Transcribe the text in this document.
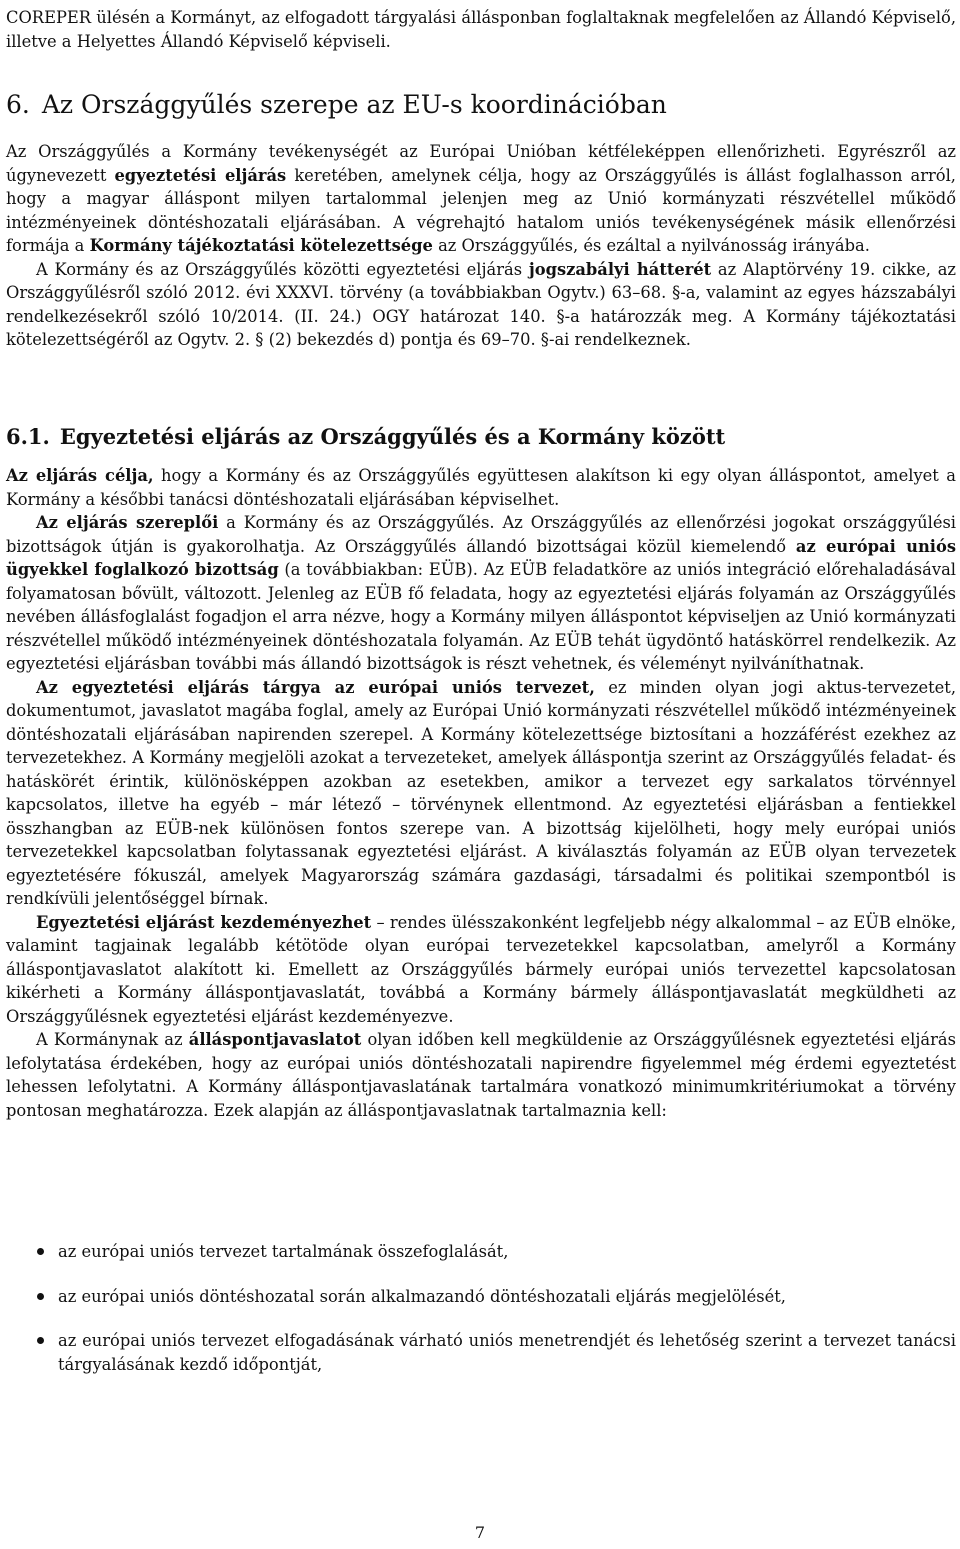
COREPER ülésén a Kormányt, az elfogadott tárgyalási állásponban foglaltaknak megfelelően az Állandó Képviselő, illetve a Helyettes Állandó Képviselő képviseli.

6. Az Országgyűlés szerepe az EU-s koordinációban

Az Országgyűlés a Kormány tevékenységét az Európai Unióban kétféleképpen ellenőrizheti. Egyrészről az úgynevezett egyeztetési eljárás keretében, amelynek célja, hogy az Országgyűlés is állást foglalhasson arról, hogy a magyar álláspont milyen tartalommal jelenjen meg az Unió kormányzati részvétellel működő intézményeinek döntéshozatali eljárásában. A végrehajtó hatalom uniós tevékenységének másik ellenőrzési formája a Kormány tájékoztatási kötelezettsége az Országgyűlés, és ezáltal a nyilvánosság irányába.

A Kormány és az Országgyűlés közötti egyeztetési eljárás jogszabályi hátterét az Alaptörvény 19. cikke, az Országgyűlésről szóló 2012. évi XXXVI. törvény (a továbbiakban Ogytv.) 63–68. §-a, valamint az egyes házszabályi rendelkezésekről szóló 10/2014. (II. 24.) OGY határozat 140. §-a határozzák meg. A Kormány tájékoztatási kötelezettségéről az Ogytv. 2. § (2) bekezdés d) pontja és 69–70. §-ai rendelkeznek.

6.1. Egyeztetési eljárás az Országgyűlés és a Kormány között

Az eljárás célja, hogy a Kormány és az Országgyűlés együttesen alakítson ki egy olyan álláspontot, amelyet a Kormány a későbbi tanácsi döntéshozatali eljárásában képviselhet.

Az eljárás szereplői a Kormány és az Országgyűlés. Az Országgyűlés az ellenőrzési jogokat országgyűlési bizottságok útján is gyakorolhatja. Az Országgyűlés állandó bizottságai közül kiemelendő az európai uniós ügyekkel foglalkozó bizottság (a továbbiakban: EÜB). Az EÜB feladatköre az uniós integráció előrehaladásával folyamatosan bővült, változott. Jelenleg az EÜB fő feladata, hogy az egyeztetési eljárás folyamán az Országgyűlés nevében állásfoglalást fogadjon el arra nézve, hogy a Kormány milyen álláspontot képviseljen az Unió kormányzati részvétellel működő intézményeinek döntéshozatala folyamán. Az EÜB tehát ügydöntő hatáskörrel rendelkezik. Az egyeztetési eljárásban további más állandó bizottságok is részt vehetnek, és véleményt nyilváníthatnak.

Az egyeztetési eljárás tárgya az európai uniós tervezet, ez minden olyan jogi aktus-tervezetet, dokumentumot, javaslatot magába foglal, amely az Európai Unió kormányzati részvétellel működő intézményeinek döntéshozatali eljárásában napirenden szerepel. A Kormány kötelezettsége biztosítani a hozzáférést ezekhez az tervezetekhez. A Kormány megjelöli azokat a tervezeteket, amelyek álláspontja szerint az Országgyűlés feladat- és hatáskörét érintik, különösképpen azokban az esetekben, amikor a tervezet egy sarkalatos törvénnyel kapcsolatos, illetve ha egyéb – már létező – törvénynek ellentmond. Az egyeztetési eljárásban a fentiekkel összhangban az EÜB-nek különösen fontos szerepe van. A bizottság kijelölheti, hogy mely európai uniós tervezetekkel kapcsolatban folytassanak egyeztetési eljárást. A kiválasztás folyamán az EÜB olyan tervezetek egyeztetésére fókuszál, amelyek Magyarország számára gazdasági, társadalmi és politikai szempontból is rendkívüli jelentőséggel bírnak.

Egyeztetési eljárást kezdeményezhet – rendes ülésszakonként legfeljebb négy alkalommal – az EÜB elnöke, valamint tagjainak legalább kétötöde olyan európai tervezetekkel kapcsolatban, amelyről a Kormány álláspontjavaslatot alakított ki. Emellett az Országgyűlés bármely európai uniós tervezettel kapcsolatosan kikérheti a Kormány álláspontjavaslatát, továbbá a Kormány bármely álláspontjavaslatát megküldheti az Országgyűlésnek egyeztetési eljárást kezdeményezve.

A Kormánynak az álláspontjavaslatot olyan időben kell megküldenie az Országgyűlésnek egyeztetési eljárás lefolytatása érdekében, hogy az európai uniós döntéshozatali napirendre figyelemmel még érdemi egyeztetést lehessen lefolytatni. A Kormány álláspontjavaslatának tartalmára vonatkozó minimumkritériumokat a törvény pontosan meghatározza. Ezek alapján az álláspontjavaslatnak tartalmaznia kell:

az európai uniós tervezet tartalmának összefoglalását,
az európai uniós döntéshozatal során alkalmazandó döntéshozatali eljárás megjelölését,
az európai uniós tervezet elfogadásának várható uniós menetrendjét és lehetőség szerint a tervezet tanácsi tárgyalásának kezdő időpontját,
7
